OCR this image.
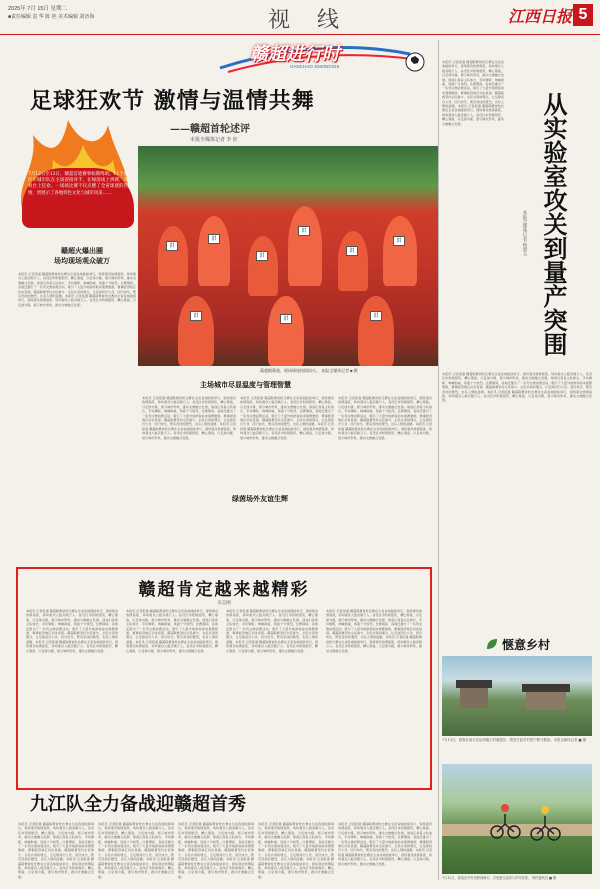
2025年 7月 15日 星期二
■责任编辑 袁 华 陈 艳 美术编辑 刘济海	视 线	江西日报 5
赣超进行时
GANCHAO JINXINGSHI
足球狂欢节 激情与温情共舞
——赣超首轮述评
本报全媒体记者 李 征
7月12日至13日，赣超首轮赛事如期鸣哨。11个设区市城市队在主场迎接对手，在绿茵场上拼搏，在看台上狂欢。一场场比赛不仅点燃了全省球迷的热情，更展示了各地特色文化与城市风采……
洪
洪
洪
洪
洪
洪
洪	洪	洪
赣超揭幕战，现场球迷热情似火。 本报全媒体记者 ■ 摄
赣超火爆出圈
场均现场观众破万
本报讯 记者报道 赣超联赛首轮比赛在全省各地陆续举行，现场观众热情高涨，场均观众人数突破万人。各设区市积极组织，精心筹备，以足球为媒，展示城市形象，推动文旅融合发展。球迷们身着主队球衣，手持旗帜，呐喊助威，场面十分热烈。比赛期间，各地还推出了一系列文旅消费活动，吸引了大量外地游客前来观赛旅游，赛事经济效应初步显现。赣超联赛坚持全民参与、全民共享的理念，让足球回归大众、回归快乐，既有竞技的激烈，也有人情的温暖。本报讯 记者报道 赣超联赛首轮比赛在全省各地陆续举行，现场观众热情高涨，场均观众人数突破万人。各设区市积极组织，精心筹备，以足球为媒，展示城市形象，推动文旅融合发展。
主场城市尽显温度与管理智慧
本报讯 记者报道 赣超联赛首轮比赛在全省各地陆续举行，现场观众热情高涨，场均观众人数突破万人。各设区市积极组织，精心筹备，以足球为媒，展示城市形象，推动文旅融合发展。球迷们身着主队球衣，手持旗帜，呐喊助威，场面十分热烈。比赛期间，各地还推出了一系列文旅消费活动，吸引了大量外地游客前来观赛旅游，赛事经济效应初步显现。赣超联赛坚持全民参与、全民共享的理念，让足球回归大众、回归快乐，既有竞技的激烈，也有人情的温暖。本报讯 记者报道 赣超联赛首轮比赛在全省各地陆续举行，现场观众热情高涨，场均观众人数突破万人。各设区市积极组织，精心筹备，以足球为媒，展示城市形象，推动文旅融合发展。
本报讯 记者报道 赣超联赛首轮比赛在全省各地陆续举行，现场观众热情高涨，场均观众人数突破万人。各设区市积极组织，精心筹备，以足球为媒，展示城市形象，推动文旅融合发展。球迷们身着主队球衣，手持旗帜，呐喊助威，场面十分热烈。比赛期间，各地还推出了一系列文旅消费活动，吸引了大量外地游客前来观赛旅游，赛事经济效应初步显现。赣超联赛坚持全民参与、全民共享的理念，让足球回归大众、回归快乐，既有竞技的激烈，也有人情的温暖。本报讯 记者报道 赣超联赛首轮比赛在全省各地陆续举行，现场观众热情高涨，场均观众人数突破万人。各设区市积极组织，精心筹备，以足球为媒，展示城市形象，推动文旅融合发展。
本报讯 记者报道 赣超联赛首轮比赛在全省各地陆续举行，现场观众热情高涨，场均观众人数突破万人。各设区市积极组织，精心筹备，以足球为媒，展示城市形象，推动文旅融合发展。球迷们身着主队球衣，手持旗帜，呐喊助威，场面十分热烈。比赛期间，各地还推出了一系列文旅消费活动，吸引了大量外地游客前来观赛旅游，赛事经济效应初步显现。赣超联赛坚持全民参与、全民共享的理念，让足球回归大众、回归快乐，既有竞技的激烈，也有人情的温暖。本报讯 记者报道 赣超联赛首轮比赛在全省各地陆续举行，现场观众热情高涨，场均观众人数突破万人。各设区市积极组织，精心筹备，以足球为媒，展示城市形象，推动文旅融合发展。
绿茵场外友谊生辉
赣超肯定越来越精彩
吴志刚
本报讯 记者报道 赣超联赛首轮比赛在全省各地陆续举行，现场观众热情高涨，场均观众人数突破万人。各设区市积极组织，精心筹备，以足球为媒，展示城市形象，推动文旅融合发展。球迷们身着主队球衣，手持旗帜，呐喊助威，场面十分热烈。比赛期间，各地还推出了一系列文旅消费活动，吸引了大量外地游客前来观赛旅游，赛事经济效应初步显现。赣超联赛坚持全民参与、全民共享的理念，让足球回归大众、回归快乐，既有竞技的激烈，也有人情的温暖。本报讯 记者报道 赣超联赛首轮比赛在全省各地陆续举行，现场观众热情高涨，场均观众人数突破万人。各设区市积极组织，精心筹备，以足球为媒，展示城市形象，推动文旅融合发展。
本报讯 记者报道 赣超联赛首轮比赛在全省各地陆续举行，现场观众热情高涨，场均观众人数突破万人。各设区市积极组织，精心筹备，以足球为媒，展示城市形象，推动文旅融合发展。球迷们身着主队球衣，手持旗帜，呐喊助威，场面十分热烈。比赛期间，各地还推出了一系列文旅消费活动，吸引了大量外地游客前来观赛旅游，赛事经济效应初步显现。赣超联赛坚持全民参与、全民共享的理念，让足球回归大众、回归快乐，既有竞技的激烈，也有人情的温暖。本报讯 记者报道 赣超联赛首轮比赛在全省各地陆续举行，现场观众热情高涨，场均观众人数突破万人。各设区市积极组织，精心筹备，以足球为媒，展示城市形象，推动文旅融合发展。
本报讯 记者报道 赣超联赛首轮比赛在全省各地陆续举行，现场观众热情高涨，场均观众人数突破万人。各设区市积极组织，精心筹备，以足球为媒，展示城市形象，推动文旅融合发展。球迷们身着主队球衣，手持旗帜，呐喊助威，场面十分热烈。比赛期间，各地还推出了一系列文旅消费活动，吸引了大量外地游客前来观赛旅游，赛事经济效应初步显现。赣超联赛坚持全民参与、全民共享的理念，让足球回归大众、回归快乐，既有竞技的激烈，也有人情的温暖。本报讯 记者报道 赣超联赛首轮比赛在全省各地陆续举行，现场观众热情高涨，场均观众人数突破万人。各设区市积极组织，精心筹备，以足球为媒，展示城市形象，推动文旅融合发展。
本报讯 记者报道 赣超联赛首轮比赛在全省各地陆续举行，现场观众热情高涨，场均观众人数突破万人。各设区市积极组织，精心筹备，以足球为媒，展示城市形象，推动文旅融合发展。球迷们身着主队球衣，手持旗帜，呐喊助威，场面十分热烈。比赛期间，各地还推出了一系列文旅消费活动，吸引了大量外地游客前来观赛旅游，赛事经济效应初步显现。赣超联赛坚持全民参与、全民共享的理念，让足球回归大众、回归快乐，既有竞技的激烈，也有人情的温暖。本报讯 记者报道 赣超联赛首轮比赛在全省各地陆续举行，现场观众热情高涨，场均观众人数突破万人。各设区市积极组织，精心筹备，以足球为媒，展示城市形象，推动文旅融合发展。
九江队全力备战迎赣超首秀
本报讯 记者报道 赣超联赛首轮比赛在全省各地陆续举行，现场观众热情高涨，场均观众人数突破万人。各设区市积极组织，精心筹备，以足球为媒，展示城市形象，推动文旅融合发展。球迷们身着主队球衣，手持旗帜，呐喊助威，场面十分热烈。比赛期间，各地还推出了一系列文旅消费活动，吸引了大量外地游客前来观赛旅游，赛事经济效应初步显现。赣超联赛坚持全民参与、全民共享的理念，让足球回归大众、回归快乐，既有竞技的激烈，也有人情的温暖。本报讯 记者报道 赣超联赛首轮比赛在全省各地陆续举行，现场观众热情高涨，场均观众人数突破万人。各设区市积极组织，精心筹备，以足球为媒，展示城市形象，推动文旅融合发展。
本报讯 记者报道 赣超联赛首轮比赛在全省各地陆续举行，现场观众热情高涨，场均观众人数突破万人。各设区市积极组织，精心筹备，以足球为媒，展示城市形象，推动文旅融合发展。球迷们身着主队球衣，手持旗帜，呐喊助威，场面十分热烈。比赛期间，各地还推出了一系列文旅消费活动，吸引了大量外地游客前来观赛旅游，赛事经济效应初步显现。赣超联赛坚持全民参与、全民共享的理念，让足球回归大众、回归快乐，既有竞技的激烈，也有人情的温暖。本报讯 记者报道 赣超联赛首轮比赛在全省各地陆续举行，现场观众热情高涨，场均观众人数突破万人。各设区市积极组织，精心筹备，以足球为媒，展示城市形象，推动文旅融合发展。
本报讯 记者报道 赣超联赛首轮比赛在全省各地陆续举行，现场观众热情高涨，场均观众人数突破万人。各设区市积极组织，精心筹备，以足球为媒，展示城市形象，推动文旅融合发展。球迷们身着主队球衣，手持旗帜，呐喊助威，场面十分热烈。比赛期间，各地还推出了一系列文旅消费活动，吸引了大量外地游客前来观赛旅游，赛事经济效应初步显现。赣超联赛坚持全民参与、全民共享的理念，让足球回归大众、回归快乐，既有竞技的激烈，也有人情的温暖。本报讯 记者报道 赣超联赛首轮比赛在全省各地陆续举行，现场观众热情高涨，场均观众人数突破万人。各设区市积极组织，精心筹备，以足球为媒，展示城市形象，推动文旅融合发展。
本报讯 记者报道 赣超联赛首轮比赛在全省各地陆续举行，现场观众热情高涨，场均观众人数突破万人。各设区市积极组织，精心筹备，以足球为媒，展示城市形象，推动文旅融合发展。球迷们身着主队球衣，手持旗帜，呐喊助威，场面十分热烈。比赛期间，各地还推出了一系列文旅消费活动，吸引了大量外地游客前来观赛旅游，赛事经济效应初步显现。赣超联赛坚持全民参与、全民共享的理念，让足球回归大众、回归快乐，既有竞技的激烈，也有人情的温暖。本报讯 记者报道 赣超联赛首轮比赛在全省各地陆续举行，现场观众热情高涨，场均观众人数突破万人。各设区市积极组织，精心筹备，以足球为媒，展示城市形象，推动文旅融合发展。
本报讯 记者报道 赣超联赛首轮比赛在全省各地陆续举行，现场观众热情高涨，场均观众人数突破万人。各设区市积极组织，精心筹备，以足球为媒，展示城市形象，推动文旅融合发展。球迷们身着主队球衣，手持旗帜，呐喊助威，场面十分热烈。比赛期间，各地还推出了一系列文旅消费活动，吸引了大量外地游客前来观赛旅游，赛事经济效应初步显现。赣超联赛坚持全民参与、全民共享的理念，让足球回归大众、回归快乐，既有竞技的激烈，也有人情的温暖。本报讯 记者报道 赣超联赛首轮比赛在全省各地陆续举行，现场观众热情高涨，场均观众人数突破万人。各设区市积极组织，精心筹备，以足球为媒，展示城市形象，推动文旅融合发展。
本报讯 记者报道 赣超联赛首轮比赛在全省各地陆续举行，现场观众热情高涨，场均观众人数突破万人。各设区市积极组织，精心筹备，以足球为媒，展示城市形象，推动文旅融合发展。球迷们身着主队球衣，手持旗帜，呐喊助威，场面十分热烈。比赛期间，各地还推出了一系列文旅消费活动，吸引了大量外地游客前来观赛旅游，赛事经济效应初步显现。赣超联赛坚持全民参与、全民共享的理念，让足球回归大众、回归快乐，既有竞技的激烈，也有人情的温暖。本报讯 记者报道 赣超联赛首轮比赛在全省各地陆续举行，现场观众热情高涨，场均观众人数突破万人。各设区市积极组织，精心筹备，以足球为媒，展示城市形象，推动文旅融合发展。	从实验室攻关到量产突围
本报全媒体记者 杨碧玉
本报讯 记者报道 赣超联赛首轮比赛在全省各地陆续举行，现场观众热情高涨，场均观众人数突破万人。各设区市积极组织，精心筹备，以足球为媒，展示城市形象，推动文旅融合发展。球迷们身着主队球衣，手持旗帜，呐喊助威，场面十分热烈。比赛期间，各地还推出了一系列文旅消费活动，吸引了大量外地游客前来观赛旅游，赛事经济效应初步显现。赣超联赛坚持全民参与、全民共享的理念，让足球回归大众、回归快乐，既有竞技的激烈，也有人情的温暖。本报讯 记者报道 赣超联赛首轮比赛在全省各地陆续举行，现场观众热情高涨，场均观众人数突破万人。各设区市积极组织，精心筹备，以足球为媒，展示城市形象，推动文旅融合发展。
惬意乡村
7月13日，游客在南丰县洽湾镇古村落漫步，感受古韵乡村的宁静与惬意。本报全媒体记者 ■ 摄
7月12日，游客在乡村田野间骑行，享受夏日清凉与乡村美景。 特约通讯员 ■ 摄
